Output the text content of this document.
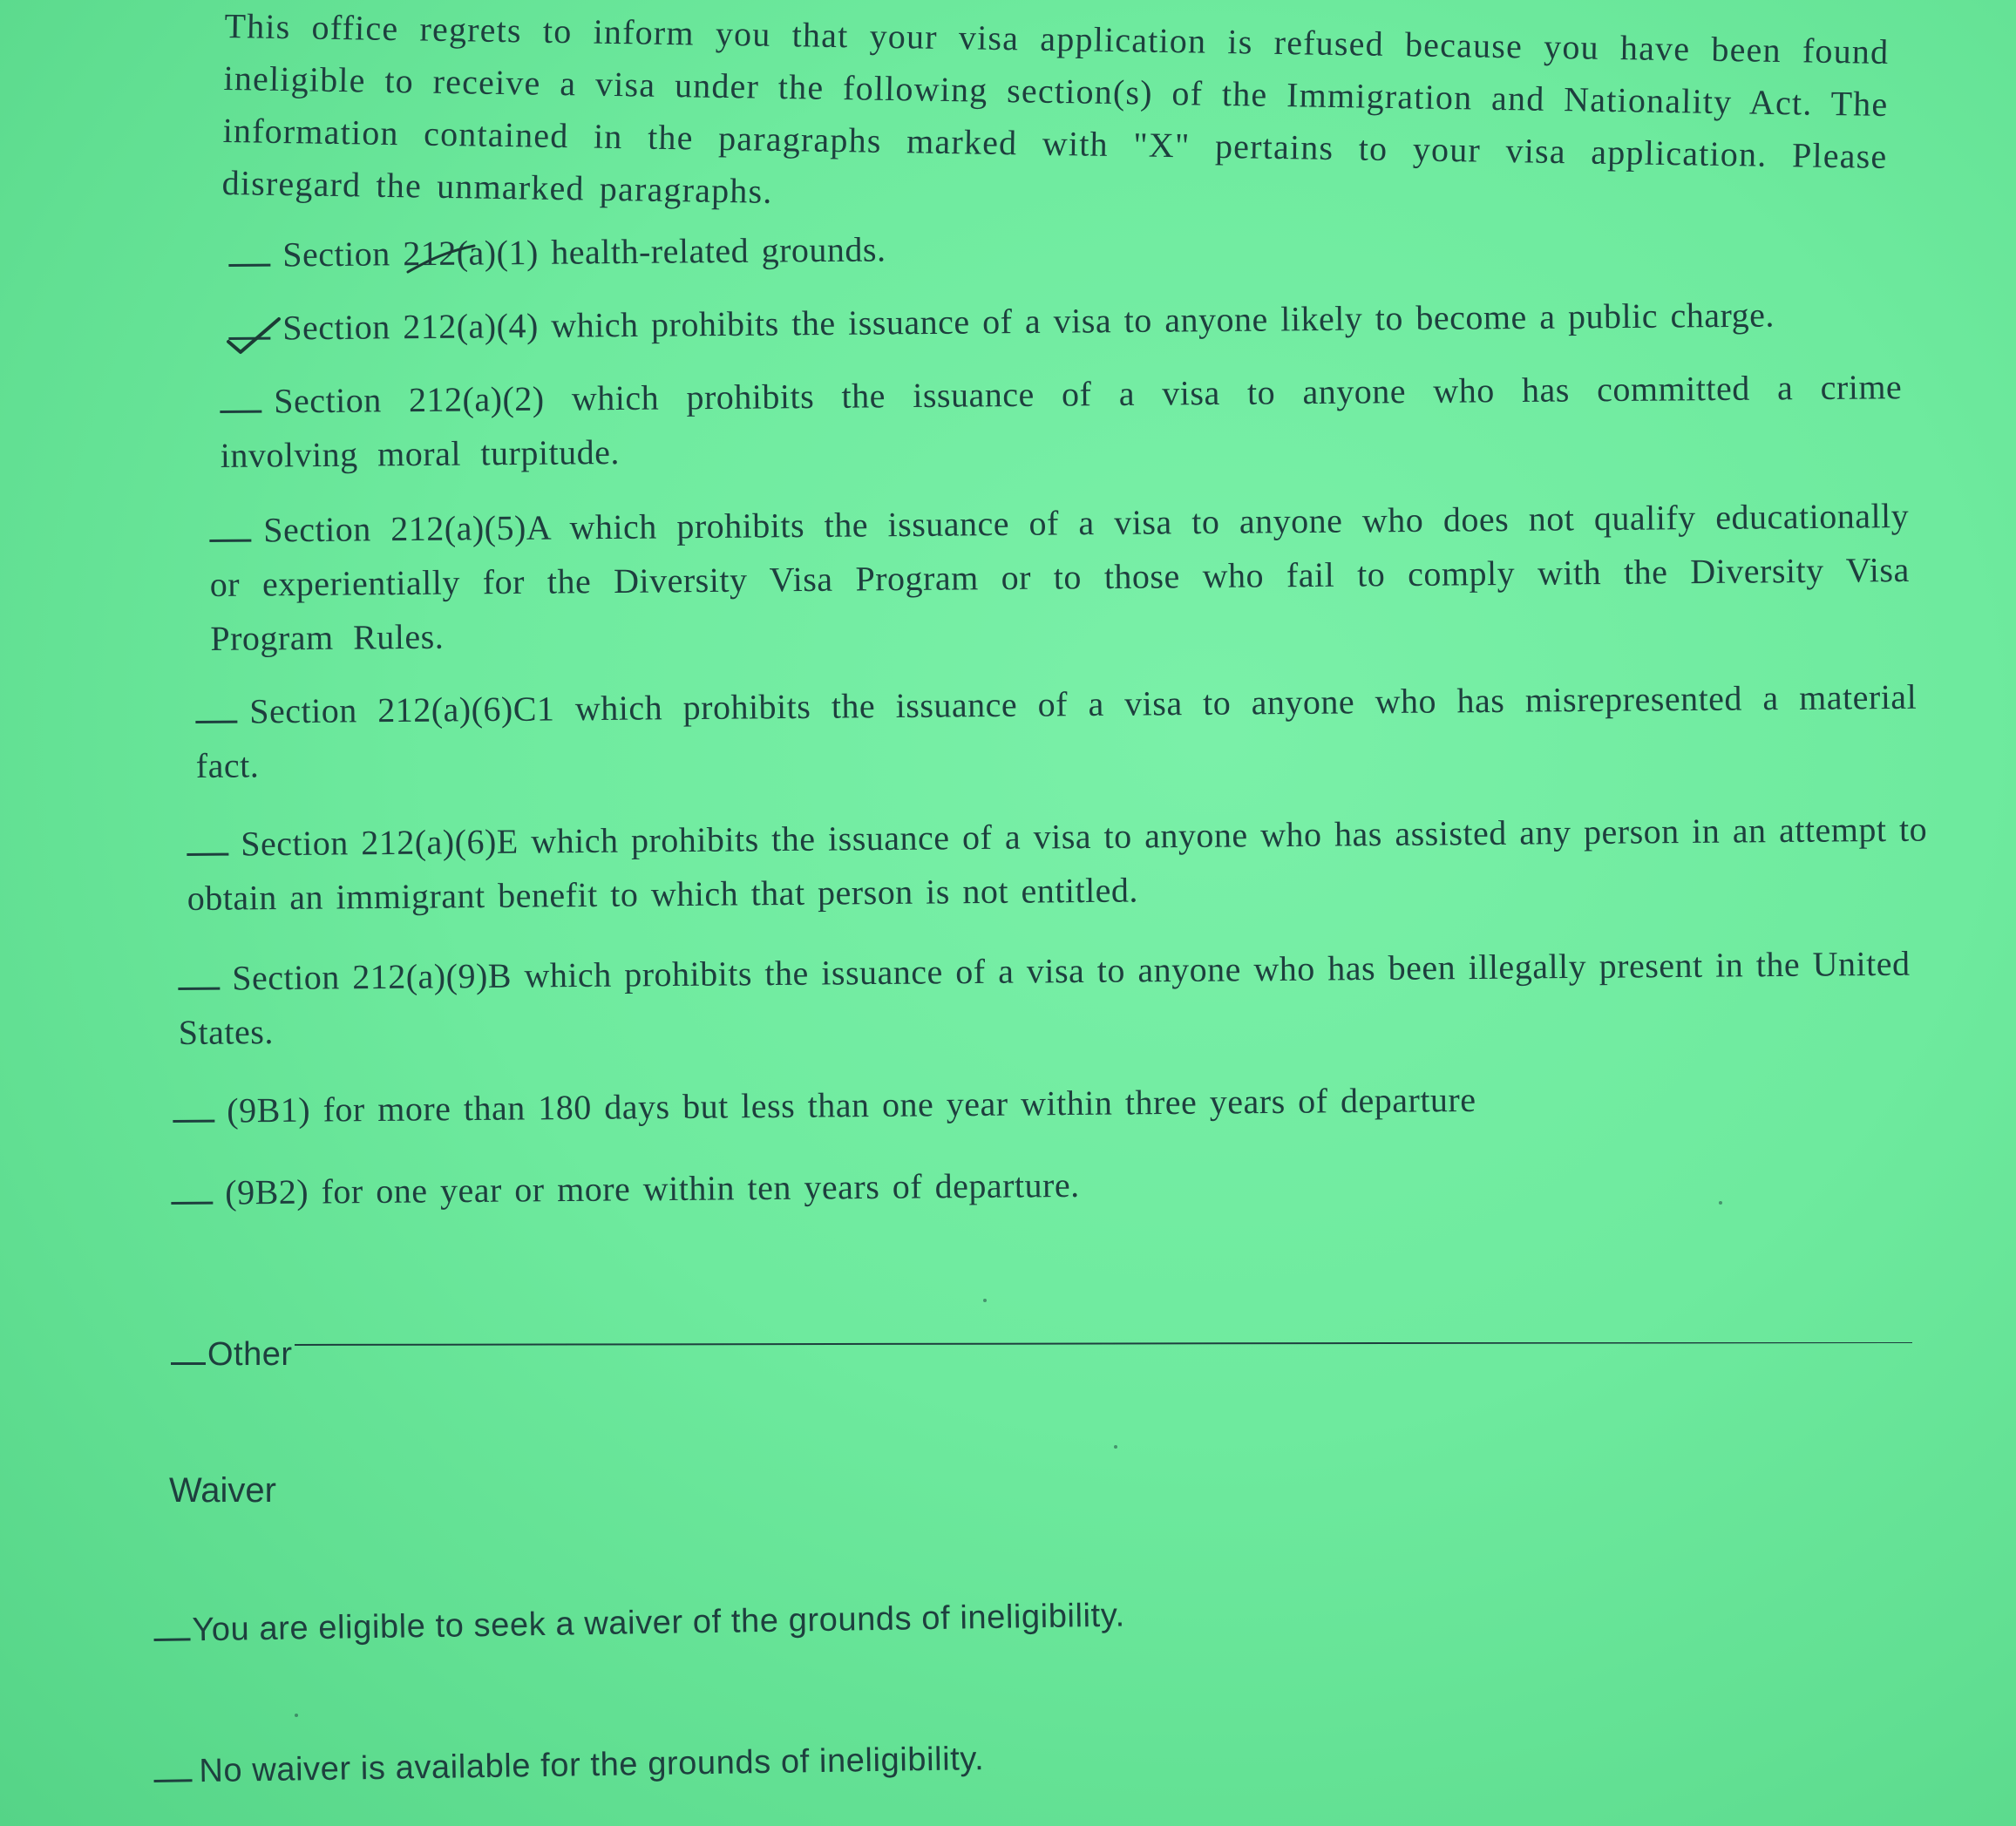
This office regrets to inform you that your visa application is refused because you have been found ineligible to receive a visa under the following section(s) of the Immigration and Nationality Act. The information contained in the paragraphs marked with "X" pertains to your visa application. Please disregard the unmarked paragraphs.
Section 212(a)(1) health-related grounds.
Section 212(a)(4) which prohibits the issuance of a visa to anyone likely to become a public charge.
Section 212(a)(2) which prohibits the issuance of a visa to anyone who has committed a crime involving moral turpitude.
Section 212(a)(5)A which prohibits the issuance of a visa to anyone who does not qualify educationally or experientially for the Diversity Visa Program or to those who fail to comply with the Diversity Visa Program Rules.
Section 212(a)(6)C1 which prohibits the issuance of a visa to anyone who has misrepresented a material fact.
Section 212(a)(6)E which prohibits the issuance of a visa to anyone who has assisted any person in an attempt to obtain an immigrant benefit to which that person is not entitled.
Section 212(a)(9)B which prohibits the issuance of a visa to anyone who has been illegally present in the United States.
(9B1) for more than 180 days but less than one year within three years of departure
(9B2) for one year or more within ten years of departure.
Other
Waiver
You are eligible to seek a waiver of the grounds of ineligibility.
No waiver is available for the grounds of ineligibility.
